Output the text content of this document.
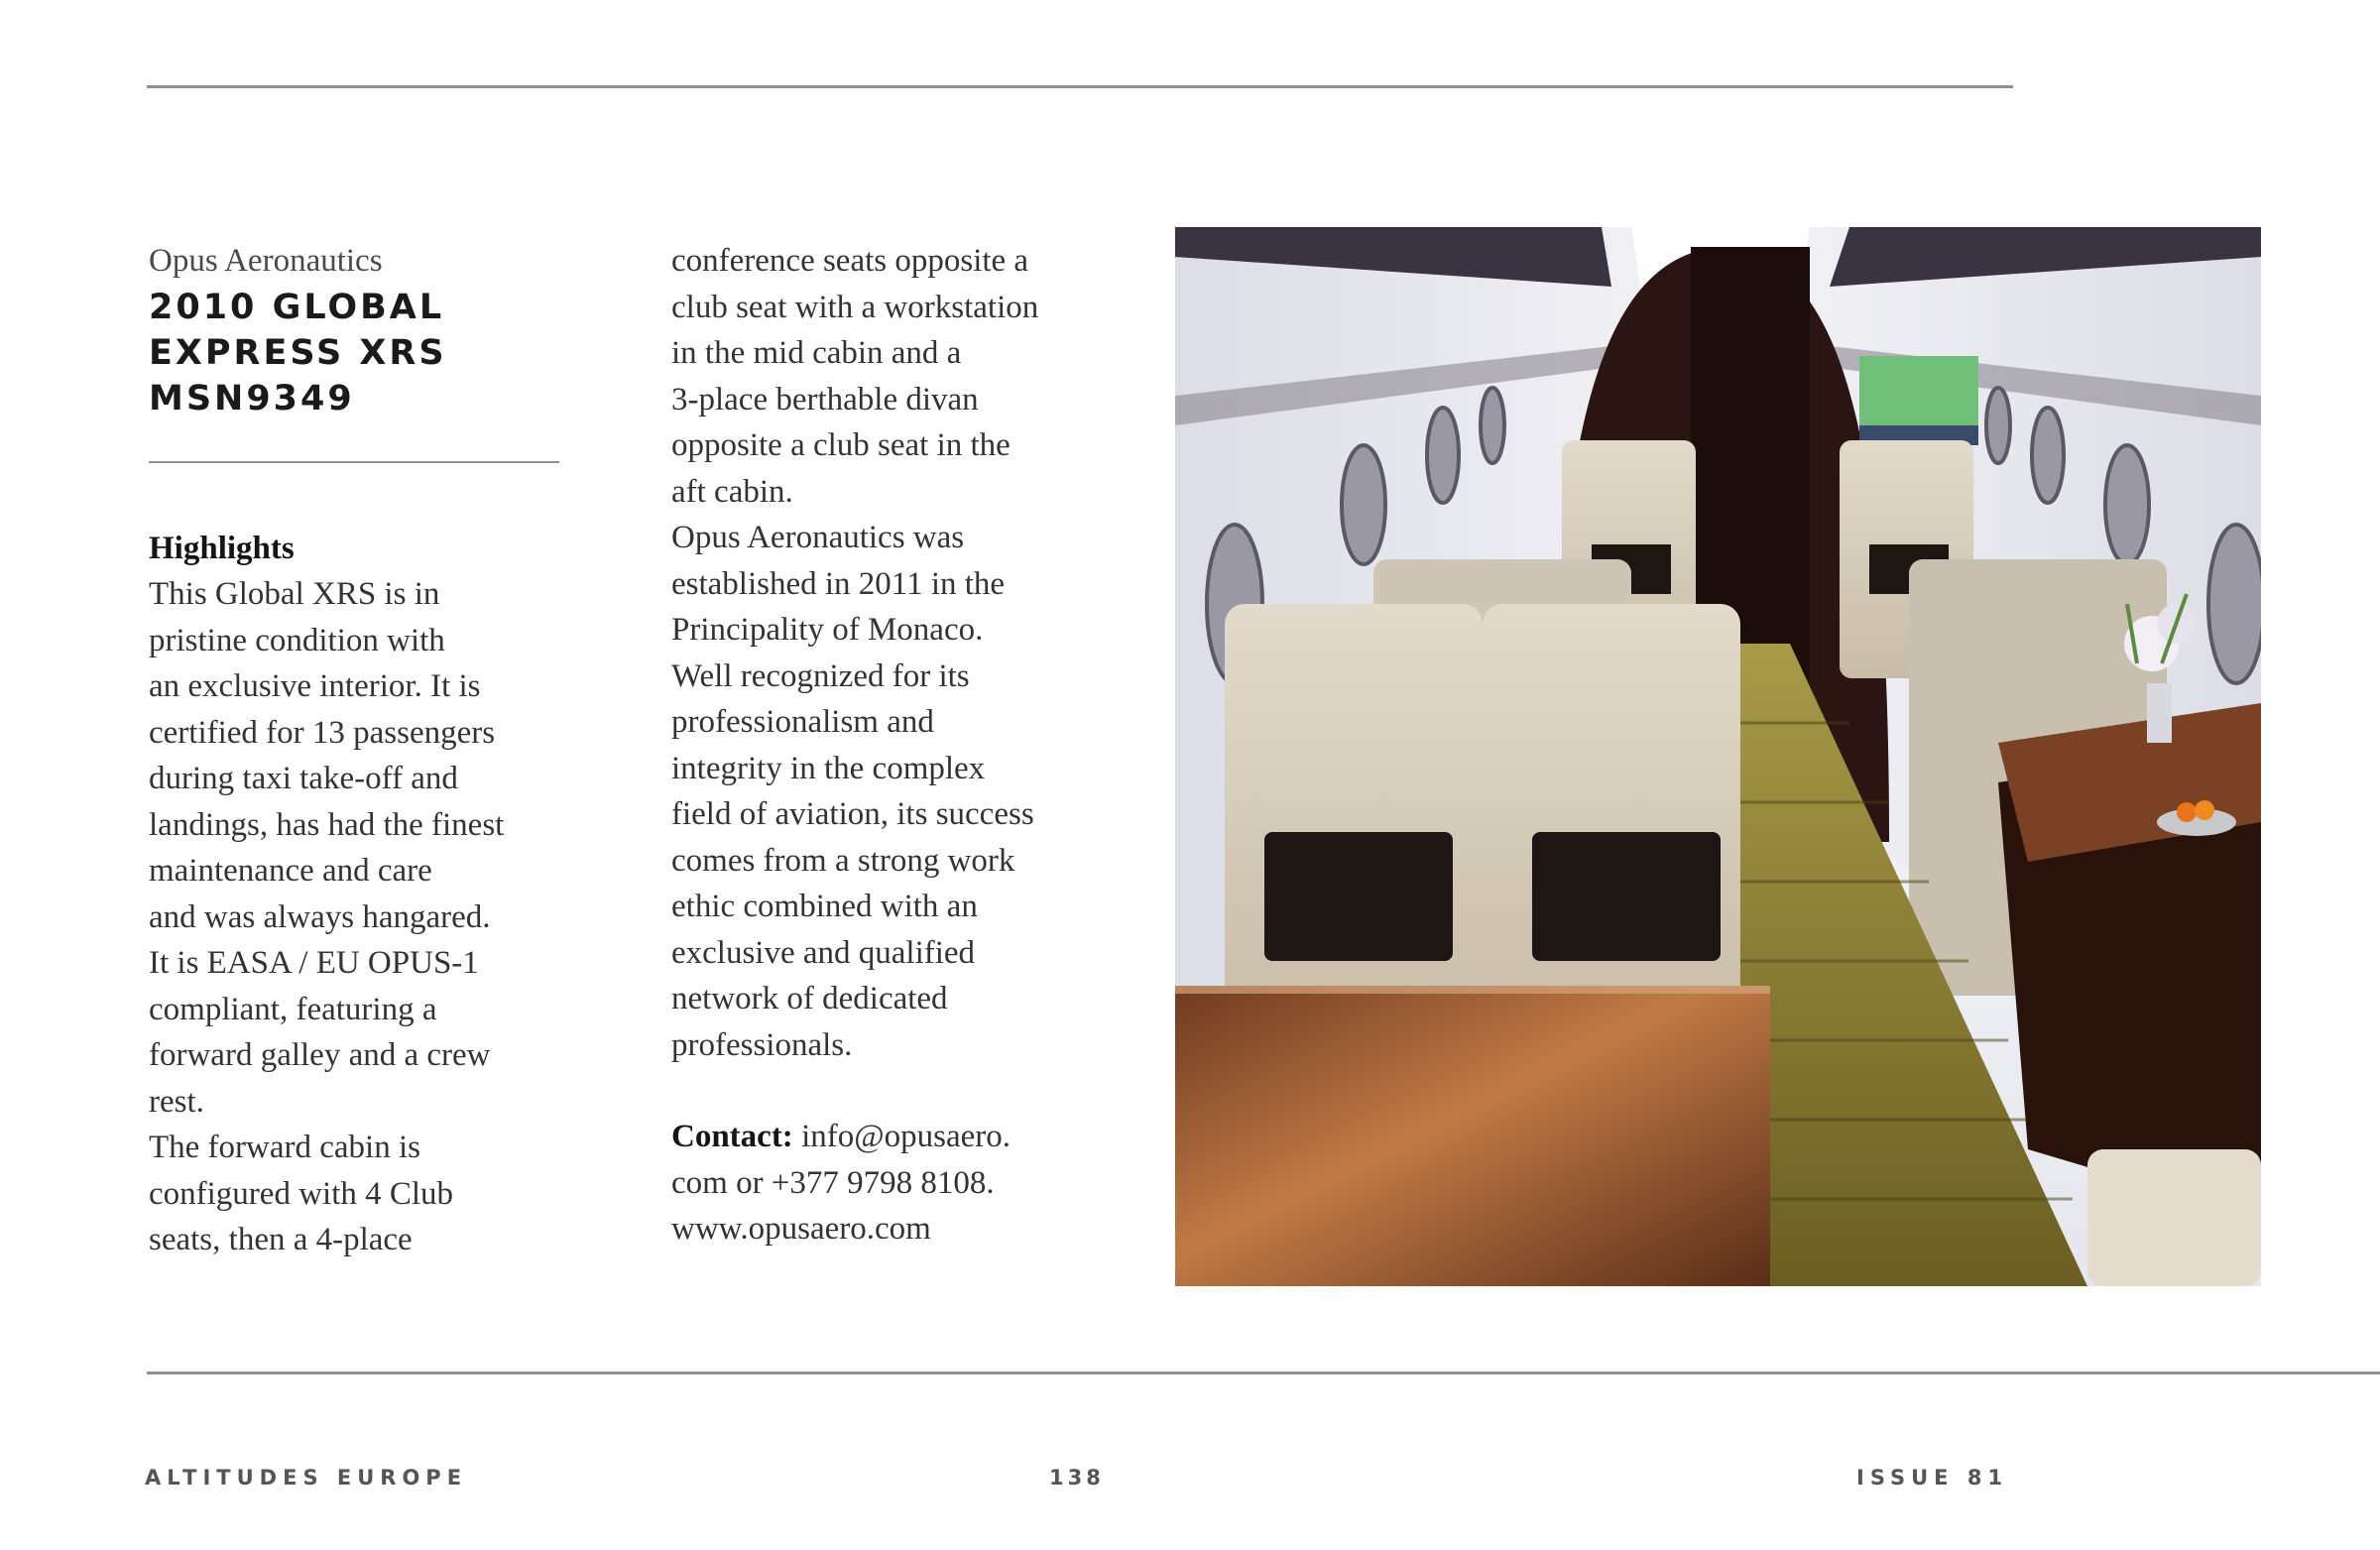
Opus Aeronautics
2010 GLOBAL
EXPRESS XRS
MSN9349
Highlights
This Global XRS is in
pristine condition with
an exclusive interior. It is
certified for 13 passengers
during taxi take-off and
landings, has had the finest
maintenance and care
and was always hangared.
It is EASA / EU OPUS-1
compliant, featuring a
forward galley and a crew
rest.
The forward cabin is
configured with 4 Club
seats, then a 4-place
conference seats opposite a
club seat with a workstation
in the mid cabin and a
3-place berthable divan
opposite a club seat in the
aft cabin.
Opus Aeronautics was
established in 2011 in the
Principality of Monaco.
Well recognized for its
professionalism and
integrity in the complex
field of aviation, its success
comes from a strong work
ethic combined with an
exclusive and qualified
network of dedicated
professionals.
Contact: info@opusaero.
com or +377 9798 8108.
www.opusaero.com
ALTITUDES EUROPE	138	ISSUE 81
